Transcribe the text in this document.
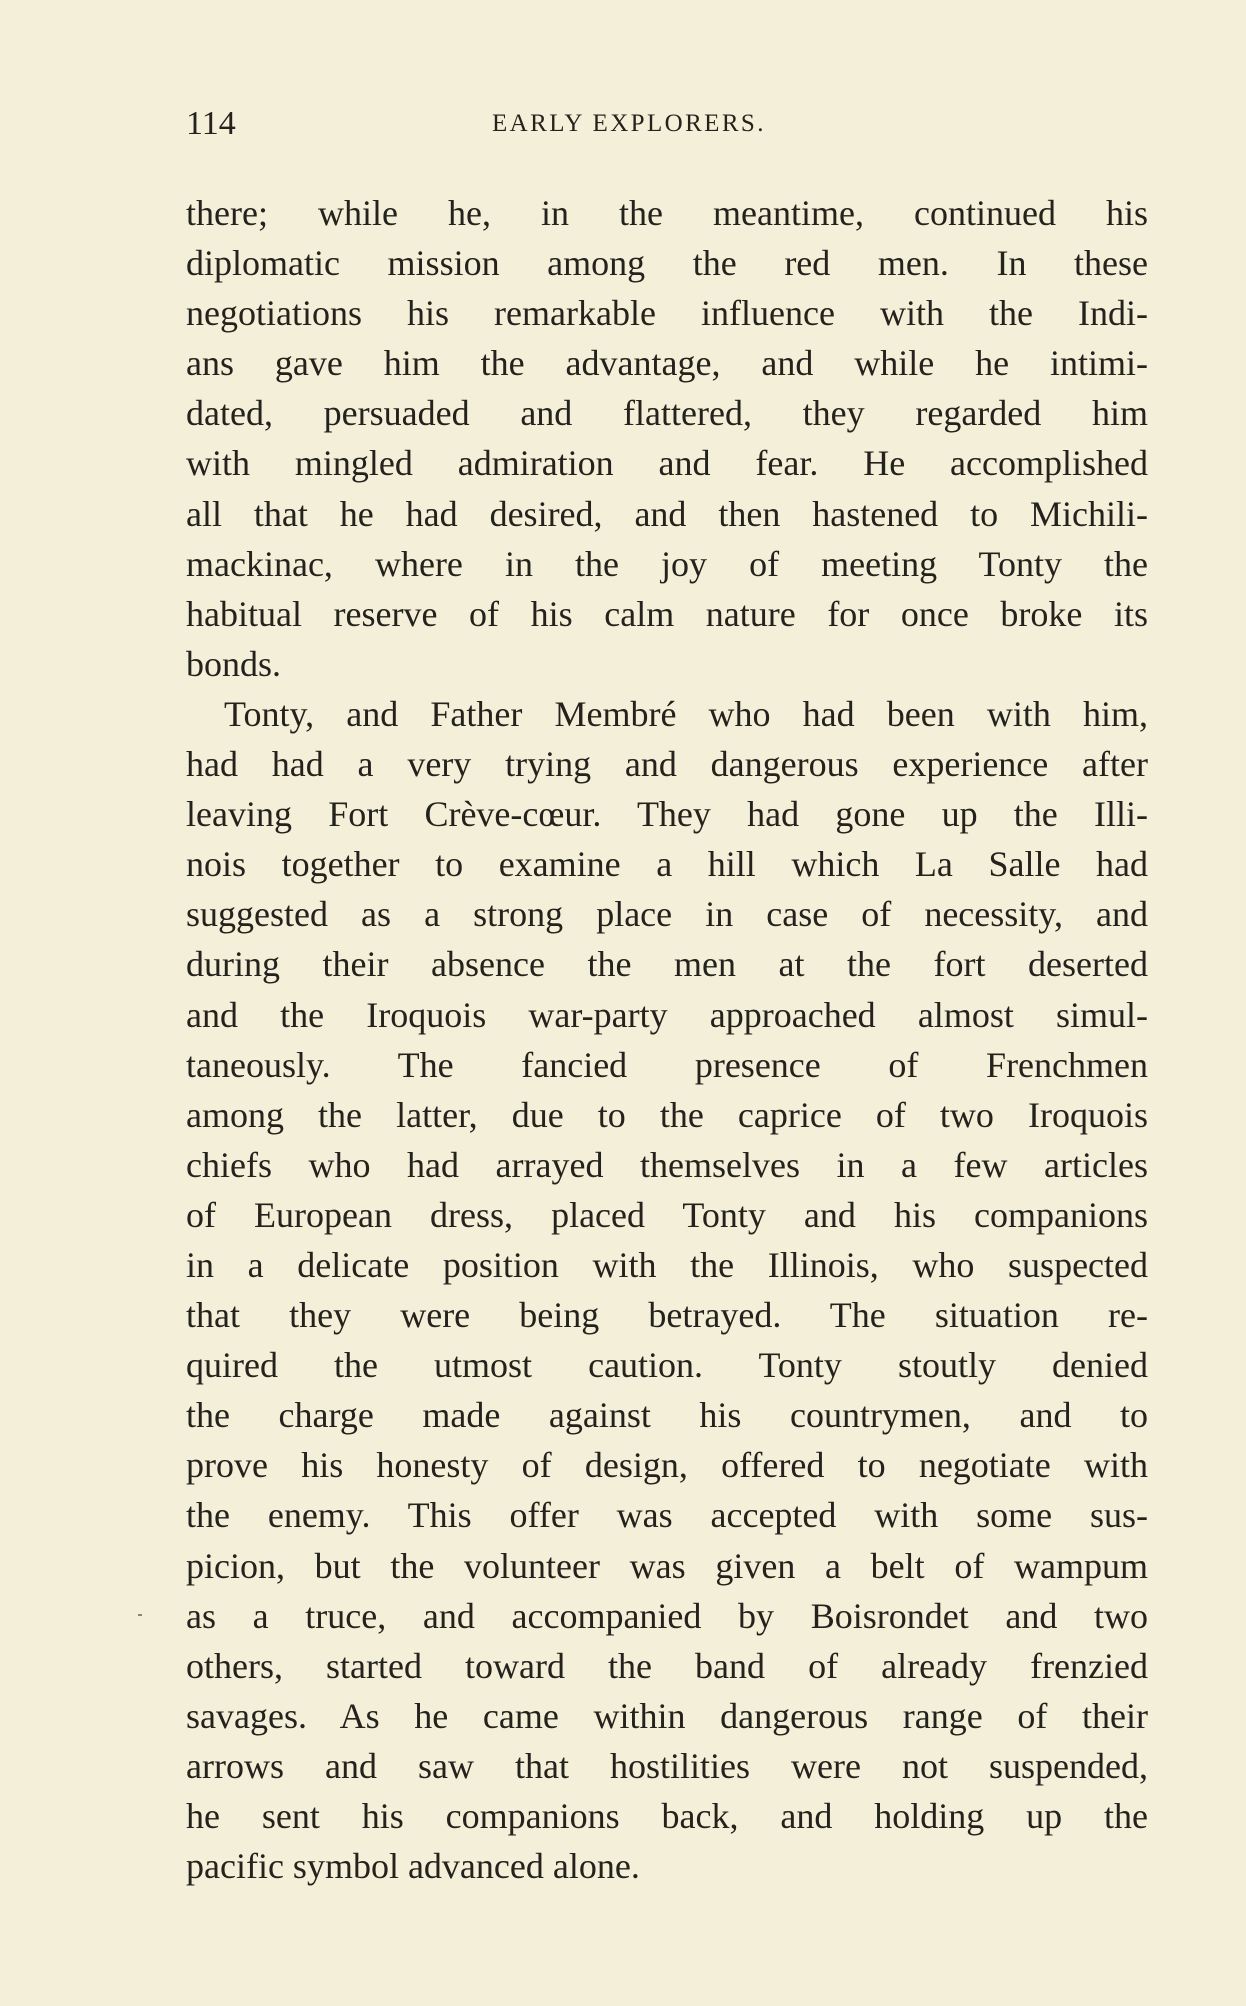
114	EARLY EXPLORERS.
there; while he, in the meantime, continued his
diplomatic mission among the red men. In these
negotiations his remarkable influence with the Indi-
ans gave him the advantage, and while he intimi-
dated, persuaded and flattered, they regarded him
with mingled admiration and fear. He accomplished
all that he had desired, and then hastened to Michili-
mackinac, where in the joy of meeting Tonty the
habitual reserve of his calm nature for once broke its
bonds.
Tonty, and Father Membré who had been with him,
had had a very trying and dangerous experience after
leaving Fort Crève-cœur. They had gone up the Illi-
nois together to examine a hill which La Salle had
suggested as a strong place in case of necessity, and
during their absence the men at the fort deserted
and the Iroquois war-party approached almost simul-
taneously. The fancied presence of Frenchmen
among the latter, due to the caprice of two Iroquois
chiefs who had arrayed themselves in a few articles
of European dress, placed Tonty and his companions
in a delicate position with the Illinois, who suspected
that they were being betrayed. The situation re-
quired the utmost caution. Tonty stoutly denied
the charge made against his countrymen, and to
prove his honesty of design, offered to negotiate with
the enemy. This offer was accepted with some sus-
picion, but the volunteer was given a belt of wampum
as a truce, and accompanied by Boisrondet and two
others, started toward the band of already frenzied
savages. As he came within dangerous range of their
arrows and saw that hostilities were not suspended,
he sent his companions back, and holding up the
pacific symbol advanced alone.
